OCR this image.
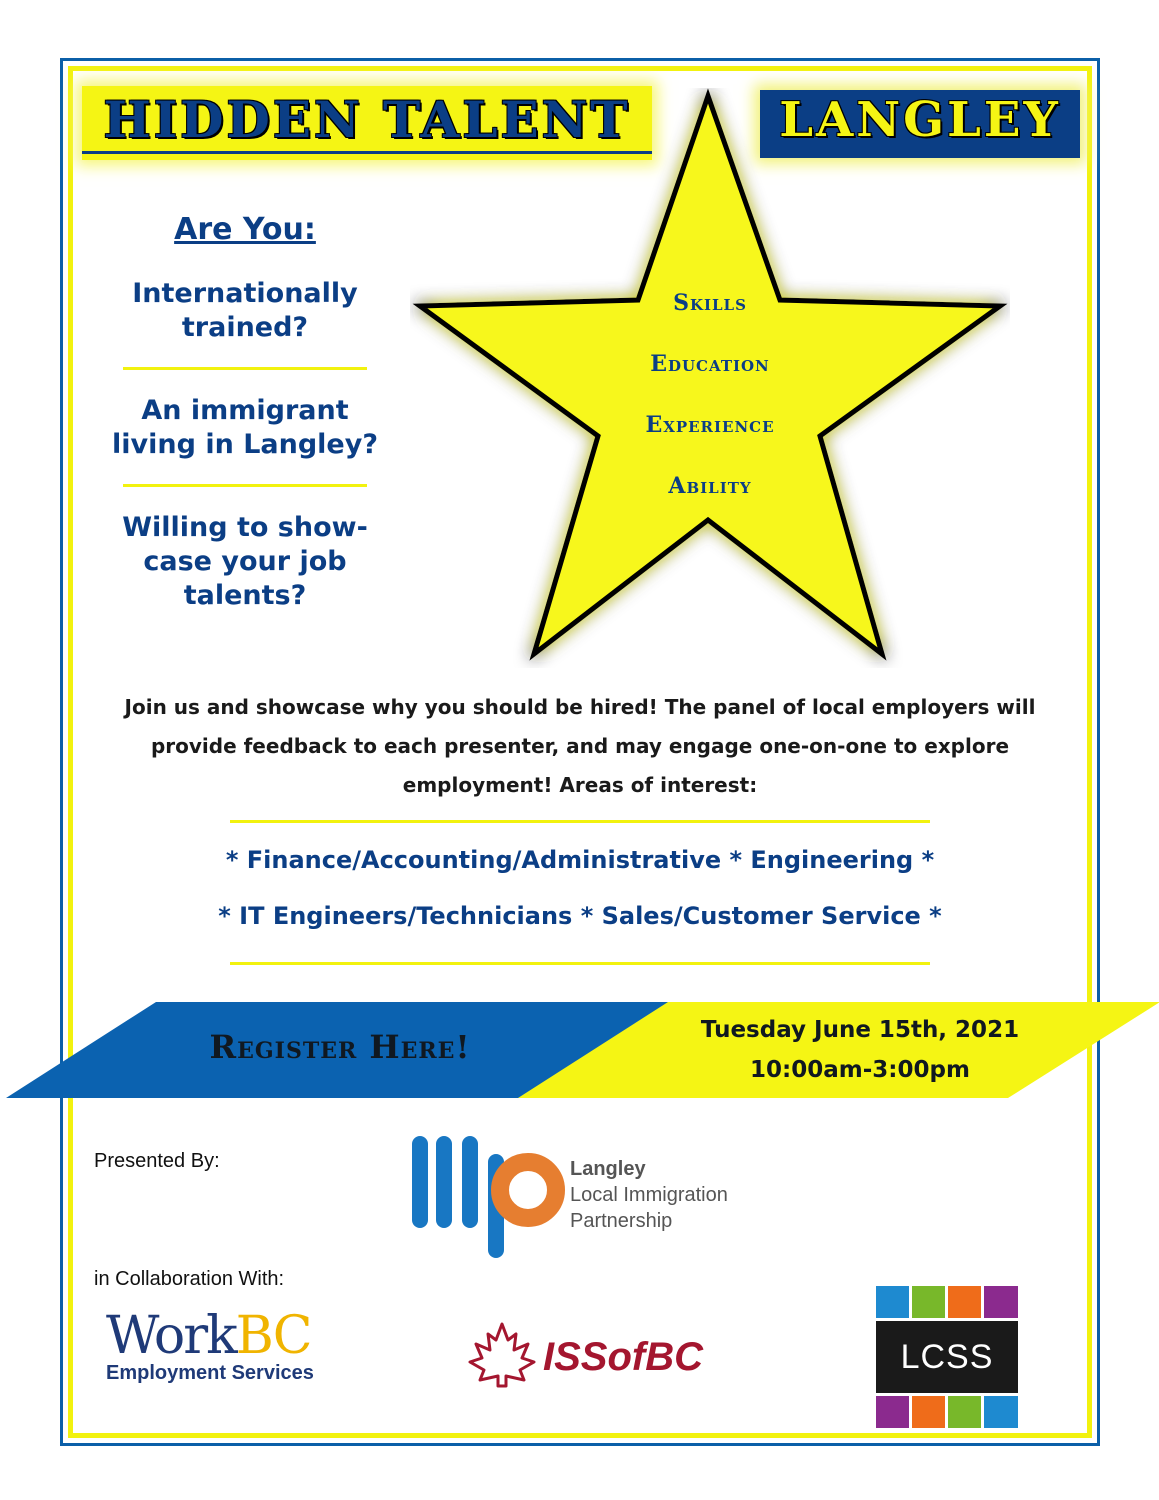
HIDDEN TALENT	LANGLEY

Are You:

Internationally trained?

An immigrant living in Langley?

Willing to show-case your job talents?

Skills
Education
Experience
Ability
Join us and showcase why you should be hired! The panel of local employers will provide feedback to each presenter, and may engage one-on-one to explore employment! Areas of interest:
* Finance/Accounting/Administrative * Engineering *
* IT Engineers/Technicians * Sales/Customer Service *
Register Here!	Tuesday June 15th, 2021
10:00am-3:00pm
Presented By:	Langley
Local Immigration
Partnership
in Collaboration With:
WorkBC
Employment Services	ISSofBC	LCSS
